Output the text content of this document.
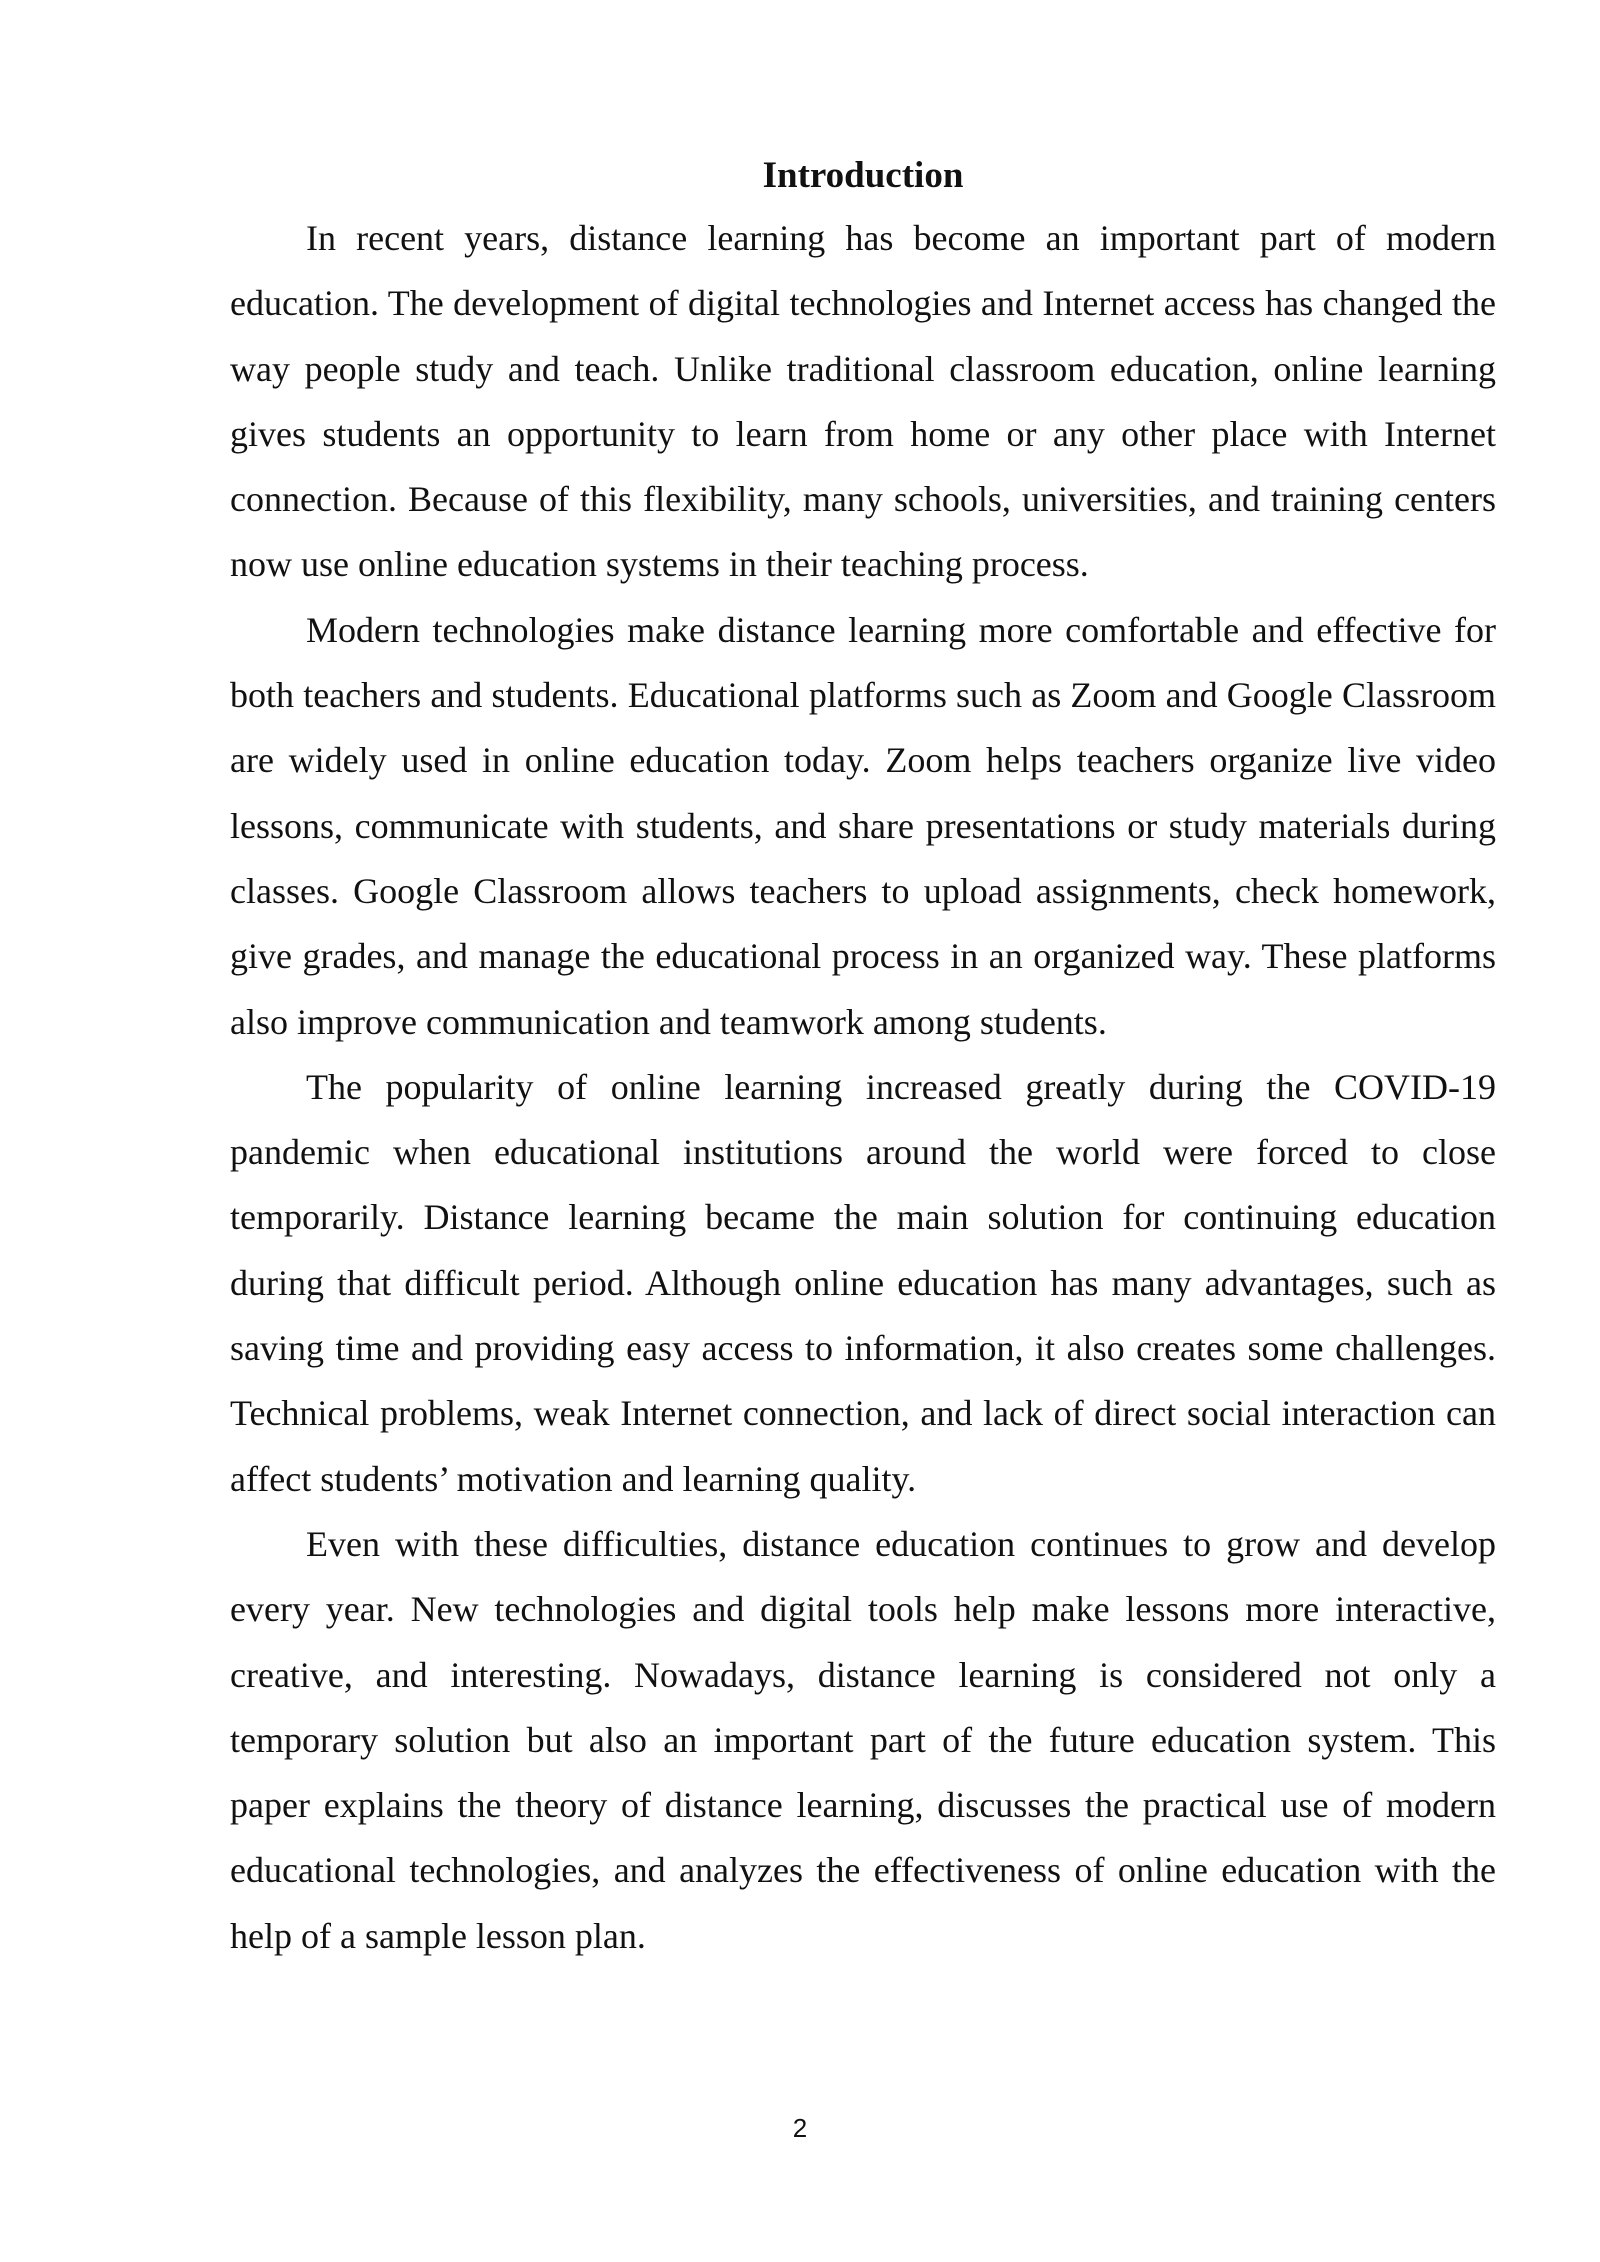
Introduction

In recent years, distance learning has become an important part of modern education. The development of digital technologies and Internet access has changed the way people study and teach. Unlike traditional classroom education, online learning gives students an opportunity to learn from home or any other place with Internet connection. Because of this flexibility, many schools, universities, and training centers now use online education systems in their teaching process.

Modern technologies make distance learning more comfortable and effective for both teachers and students. Educational platforms such as Zoom and Google Classroom are widely used in online education today. Zoom helps teachers organize live video lessons, communicate with students, and share presentations or study materials during classes. Google Classroom allows teachers to upload assignments, check homework, give grades, and manage the educational process in an organized way. These platforms also improve communication and teamwork among students.

The popularity of online learning increased greatly during the COVID-19 pandemic when educational institutions around the world were forced to close temporarily. Distance learning became the main solution for continuing education during that difficult period. Although online education has many advantages, such as saving time and providing easy access to information, it also creates some challenges. Technical problems, weak Internet connection, and lack of direct social interaction can affect students’ motivation and learning quality.

Even with these difficulties, distance education continues to grow and develop every year. New technologies and digital tools help make lessons more interactive, creative, and interesting. Nowadays, distance learning is considered not only a temporary solution but also an important part of the future education system. This paper explains the theory of distance learning, discusses the practical use of modern educational technologies, and analyzes the effectiveness of online education with the help of a sample lesson plan.

2
